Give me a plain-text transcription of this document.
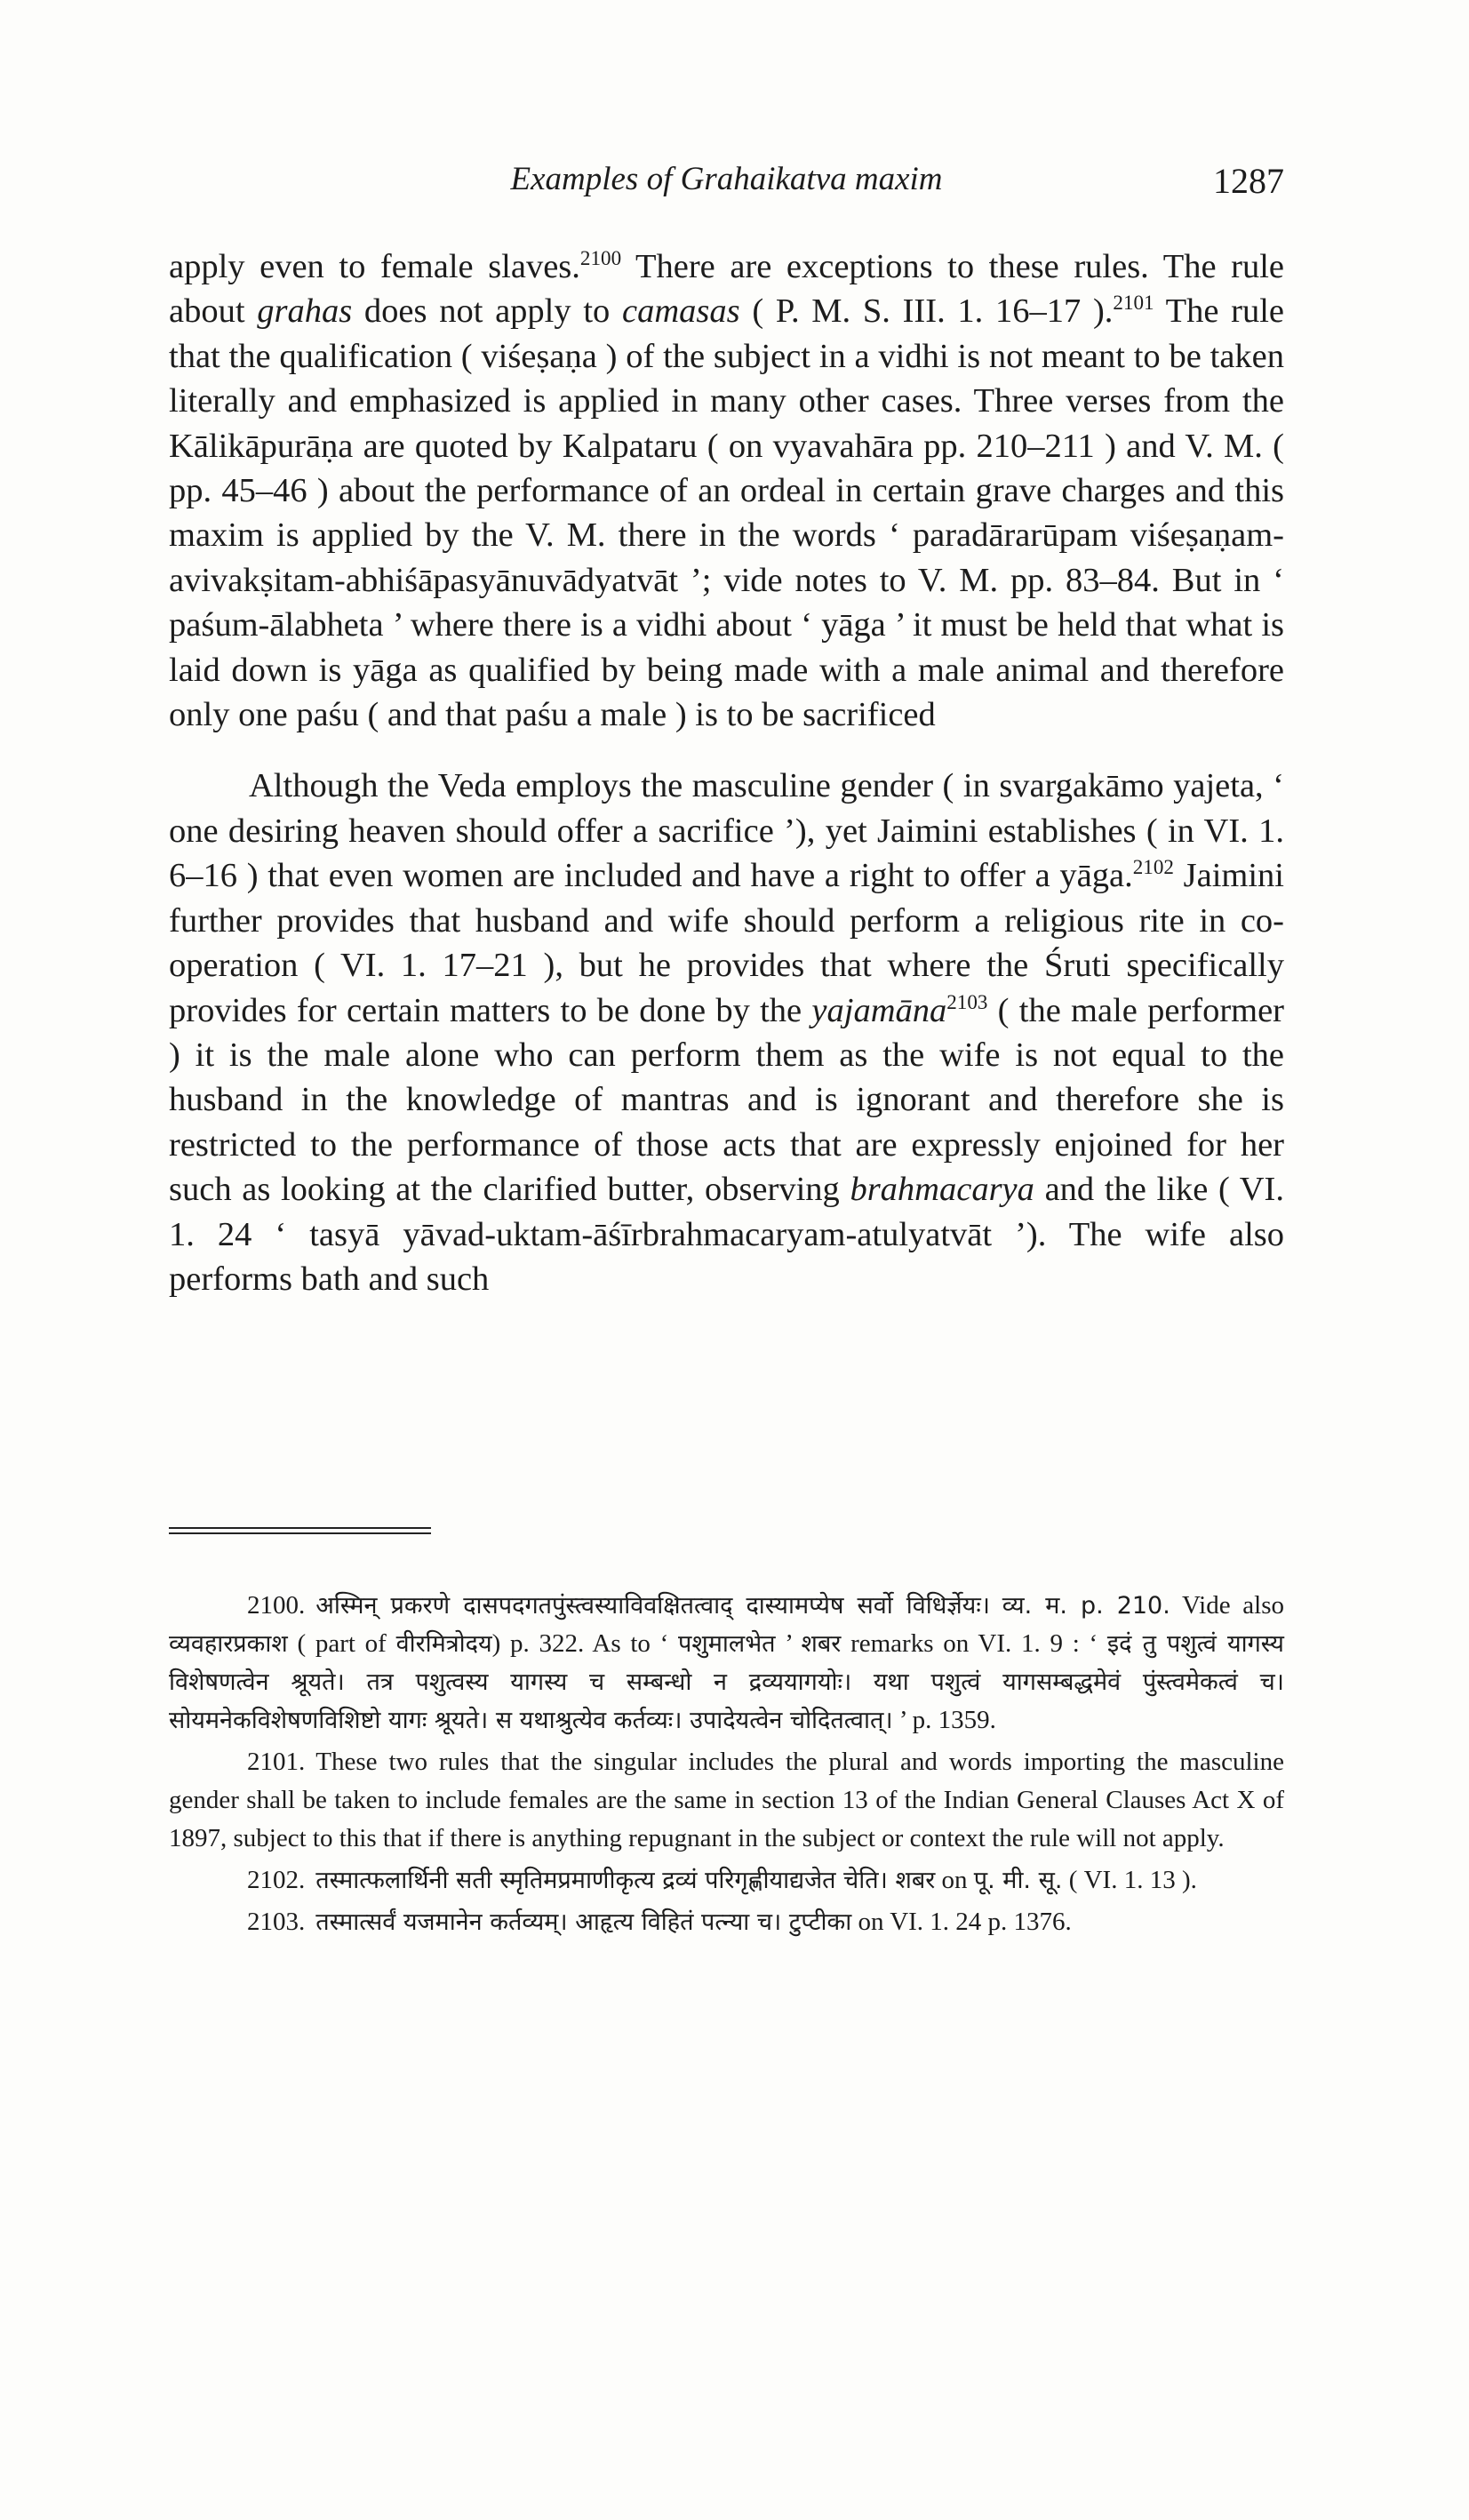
Examples of Grahaikatva maxim	1287

apply even to female slaves.$^{2100}$ There are exceptions to these rules. The rule about grahas does not apply to camasas ( P. M. S. III. 1. 16–17 ).$^{2101}$ The rule that the qualification ( viśeṣaṇa ) of the subject in a vidhi is not meant to be taken literally and emphasized is applied in many other cases. Three verses from the Kālikāpurāṇa are quoted by Kalpataru ( on vyavahāra pp. 210–211 ) and V. M. ( pp. 45–46 ) about the performance of an ordeal in certain grave charges and this maxim is applied by the V. M. there in the words ‘ paradārarūpam viśeṣaṇam-avivakṣitam-abhiśāpasyānuvādyatvāt ’; vide notes to V. M. pp. 83–84. But in ‘ paśum-ālabheta ’ where there is a vidhi about ‘ yāga ’ it must be held that what is laid down is yāga as qualified by being made with a male animal and therefore only one paśu ( and that paśu a male ) is to be sacrificed

Although the Veda employs the masculine gender ( in svargakāmo yajeta, ‘ one desiring heaven should offer a sacrifice ’), yet Jaimini establishes ( in VI. 1. 6–16 ) that even women are included and have a right to offer a yāga.$^{2102}$ Jaimini further provides that husband and wife should perform a religious rite in co-operation ( VI. 1. 17–21 ), but he provides that where the Śruti specifically provides for certain matters to be done by the yajamāna$^{2103}$ ( the male performer ) it is the male alone who can perform them as the wife is not equal to the husband in the knowledge of mantras and is ignorant and therefore she is restricted to the performance of those acts that are expressly enjoined for her such as looking at the clarified butter, observing brahmacarya and the like ( VI. 1. 24 ‘ tasyā yāvad-uktam-āśīrbrahmacaryam-atulyatvāt ’). The wife also performs bath and such

2100. अस्मिन् प्रकरणे दासपदगतपुंस्त्वस्याविवक्षितत्वाद् दास्यामप्येष सर्वो विधिर्ज्ञेयः। व्य. म. p. 210. Vide also व्यवहारप्रकाश ( part of वीरमित्रोदय) p. 322. As to ‘ पशुमालभेत ’ शबर remarks on VI. 1. 9 : ‘ इदं तु पशुत्वं यागस्य विशेषणत्वेन श्रूयते। तत्र पशुत्वस्य यागस्य च सम्बन्धो न द्रव्ययागयोः। यथा पशुत्वं यागसम्बद्धमेवं पुंस्त्वमेकत्वं च। सोयमनेकविशेषणविशिष्टो यागः श्रूयते। स यथाश्रुत्येव कर्तव्यः। उपादेयत्वेन चोदितत्वात्। ’ p. 1359.

2101. These two rules that the singular includes the plural and words importing the masculine gender shall be taken to include females are the same in section 13 of the Indian General Clauses Act X of 1897, subject to this that if there is anything repugnant in the subject or context the rule will not apply.

2102. तस्मात्फलार्थिनी सती स्मृतिमप्रमाणीकृत्य द्रव्यं परिगृह्णीयाद्यजेत चेति। शबर on पू. मी. सू. ( VI. 1. 13 ).

2103. तस्मात्सर्वं यजमानेन कर्तव्यम्। आहृत्य विहितं पत्न्या च। टुप्टीका on VI. 1. 24 p. 1376.
